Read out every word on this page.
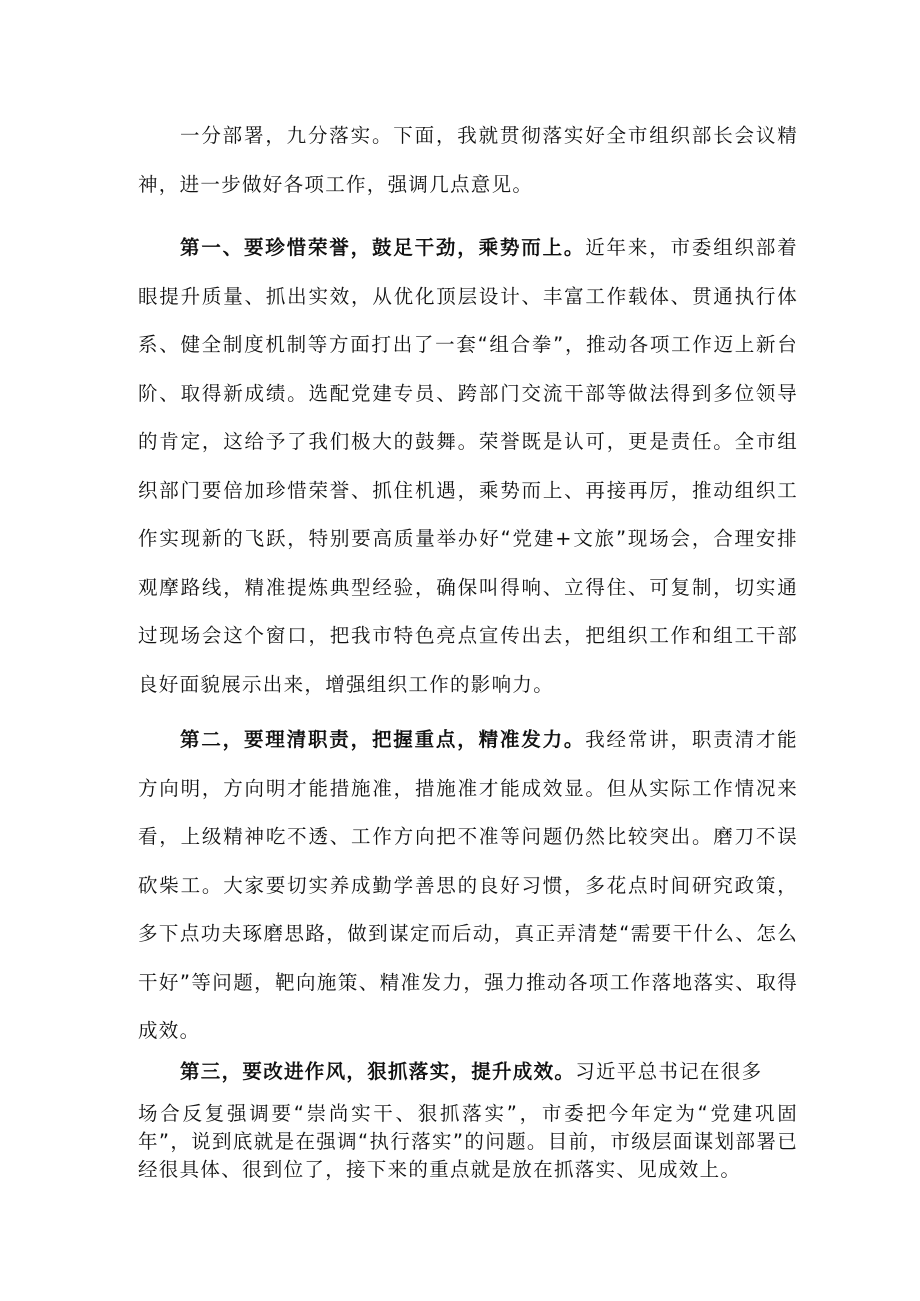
一分部署，九分落实。下面，我就贯彻落实好全市组织部长会议精神，进一步做好各项工作，强调几点意见。

第一、要珍惜荣誉，鼓足干劲，乘势而上。近年来，市委组织部着眼提升质量、抓出实效，从优化顶层设计、丰富工作载体、贯通执行体系、健全制度机制等方面打出了一套“组合拳”，推动各项工作迈上新台阶、取得新成绩。选配党建专员、跨部门交流干部等做法得到多位领导的肯定，这给予了我们极大的鼓舞。荣誉既是认可，更是责任。全市组织部门要倍加珍惜荣誉、抓住机遇，乘势而上、再接再厉，推动组织工作实现新的飞跃，特别要高质量举办好“党建+文旅”现场会，合理安排观摩路线，精准提炼典型经验，确保叫得响、立得住、可复制，切实通过现场会这个窗口，把我市特色亮点宣传出去，把组织工作和组工干部良好面貌展示出来，增强组织工作的影响力。

第二，要理清职责，把握重点，精准发力。我经常讲，职责清才能方向明，方向明才能措施准，措施准才能成效显。但从实际工作情况来看，上级精神吃不透、工作方向把不准等问题仍然比较突出。磨刀不误砍柴工。大家要切实养成勤学善思的良好习惯，多花点时间研究政策，多下点功夫琢磨思路，做到谋定而后动，真正弄清楚“需要干什么、怎么干好”等问题，靶向施策、精准发力，强力推动各项工作落地落实、取得成效。

第三，要改进作风，狠抓落实，提升成效。习近平总书记在很多

场合反复强调要“崇尚实干、狠抓落实”，市委把今年定为“党建巩固年”，说到底就是在强调“执行落实”的问题。目前，市级层面谋划部署已经很具体、很到位了，接下来的重点就是放在抓落实、见成效上。
